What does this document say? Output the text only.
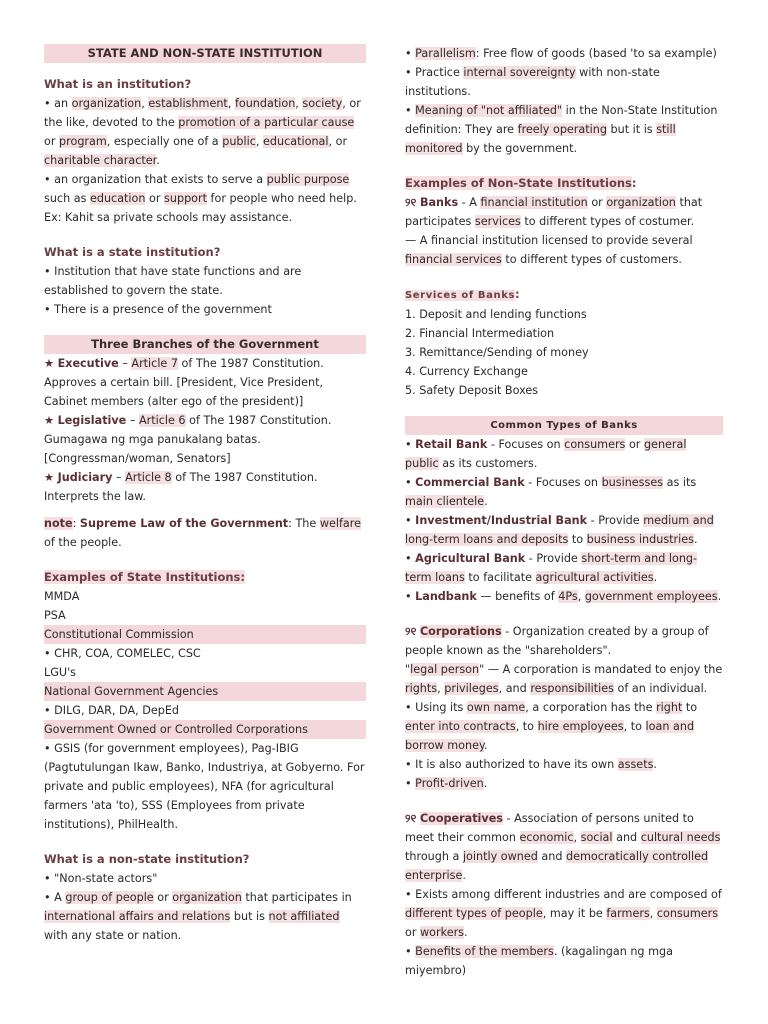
STATE AND NON-STATE INSTITUTION

What is an institution?

• an organization, establishment, foundation, society, or the like, devoted to the promotion of a particular cause or program, especially one of a public, educational, or charitable character.

• an organization that exists to serve a public purpose such as education or support for people who need help.

Ex: Kahit sa private schools may assistance.

What is a state institution?

• Institution that have state functions and are established to govern the state.

• There is a presence of the government

Three Branches of the Government

★ Executive – Article 7 of The 1987 Constitution. Approves a certain bill. [President, Vice President, Cabinet members (alter ego of the president)]

★ Legislative – Article 6 of The 1987 Constitution. Gumagawa ng mga panukalang batas. [Congressman/woman, Senators]

★ Judiciary – Article 8 of The 1987 Constitution. Interprets the law.

note: Supreme Law of the Government: The welfare of the people.

Examples of State Institutions:

MMDA

PSA

Constitutional Commission

• CHR, COA, COMELEC, CSC

LGU's

National Government Agencies

• DILG, DAR, DA, DepEd

Government Owned or Controlled Corporations

• GSIS (for government employees), Pag-IBIG (Pagtutulungan Ikaw, Banko, Industriya, at Gobyerno. For private and public employees), NFA (for agricultural farmers 'ata 'to), SSS (Employees from private institutions), PhilHealth.

What is a non-state institution?

• "Non-state actors"

• A group of people or organization that participates in international affairs and relations but is not affiliated with any state or nation.

• Parallelism: Free flow of goods (based 'to sa example)

• Practice internal sovereignty with non-state institutions.

• Meaning of "not affiliated" in the Non-State Institution definition: They are freely operating but it is still monitored by the government.

Examples of Non-State Institutions:

୨୧ Banks - A financial institution or organization that participates services to different types of costumer.

— A financial institution licensed to provide several financial services to different types of customers.

Services of Banks:

1. Deposit and lending functions

2. Financial Intermediation

3. Remittance/Sending of money

4. Currency Exchange

5. Safety Deposit Boxes

Common Types of Banks

• Retail Bank - Focuses on consumers or general public as its customers.

• Commercial Bank - Focuses on businesses as its main clientele.

• Investment/Industrial Bank - Provide medium and long-term loans and deposits to business industries.

• Agricultural Bank - Provide short-term and long-term loans to facilitate agricultural activities.

• Landbank — benefits of 4Ps, government employees.

୨୧ Corporations - Organization created by a group of people known as the "shareholders".

"legal person" — A corporation is mandated to enjoy the rights, privileges, and responsibilities of an individual.

• Using its own name, a corporation has the right to enter into contracts, to hire employees, to loan and borrow money.

• It is also authorized to have its own assets.

• Profit-driven.

୨୧ Cooperatives - Association of persons united to meet their common economic, social and cultural needs through a jointly owned and democratically controlled enterprise.

• Exists among different industries and are composed of different types of people, may it be farmers, consumers or workers.

• Benefits of the members. (kagalingan ng mga miyembro)
